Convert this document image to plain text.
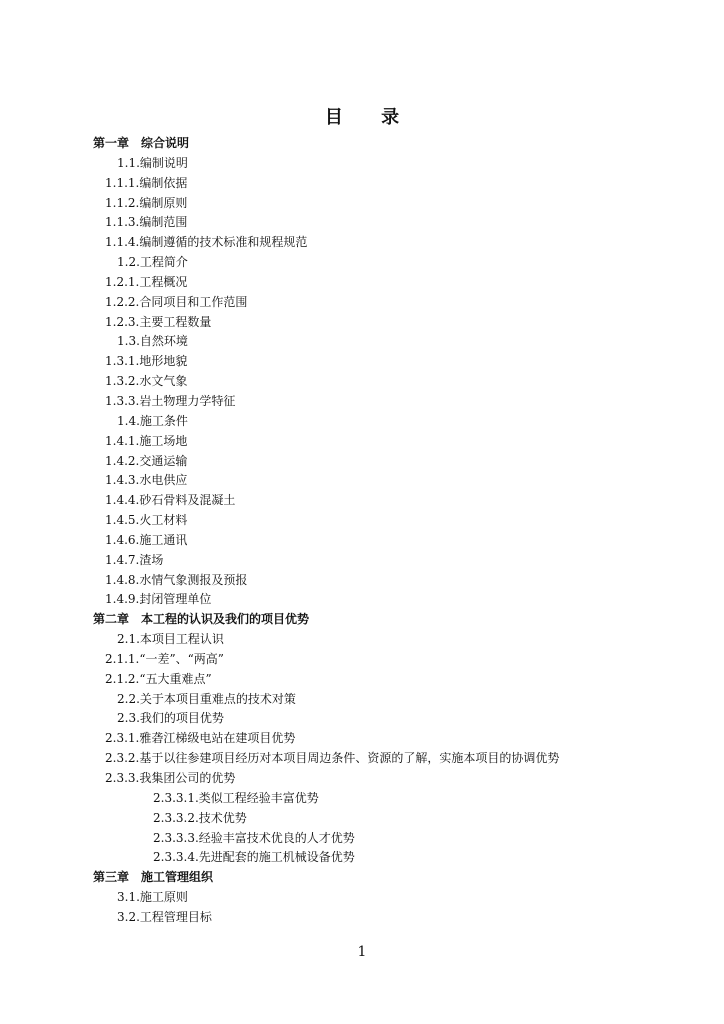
目 录
第一章 综合说明
1.1.编制说明
1.1.1.编制依据
1.1.2.编制原则
1.1.3.编制范围
1.1.4.编制遵循的技术标准和规程规范
1.2.工程简介
1.2.1.工程概况
1.2.2.合同项目和工作范围
1.2.3.主要工程数量
1.3.自然环境
1.3.1.地形地貌
1.3.2.水文气象
1.3.3.岩土物理力学特征
1.4.施工条件
1.4.1.施工场地
1.4.2.交通运输
1.4.3.水电供应
1.4.4.砂石骨料及混凝土
1.4.5.火工材料
1.4.6.施工通讯
1.4.7.渣场
1.4.8.水情气象测报及预报
1.4.9.封闭管理单位
第二章 本工程的认识及我们的项目优势
2.1.本项目工程认识
2.1.1.“一差”、“两高”
2.1.2.“五大重难点”
2.2.关于本项目重难点的技术对策
2.3.我们的项目优势
2.3.1.雅砻江梯级电站在建项目优势
2.3.2.基于以往参建项目经历对本项目周边条件、资源的了解，实施本项目的协调优势
2.3.3.我集团公司的优势
2.3.3.1.类似工程经验丰富优势
2.3.3.2.技术优势
2.3.3.3.经验丰富技术优良的人才优势
2.3.3.4.先进配套的施工机械设备优势
第三章 施工管理组织
3.1.施工原则
3.2.工程管理目标
1
